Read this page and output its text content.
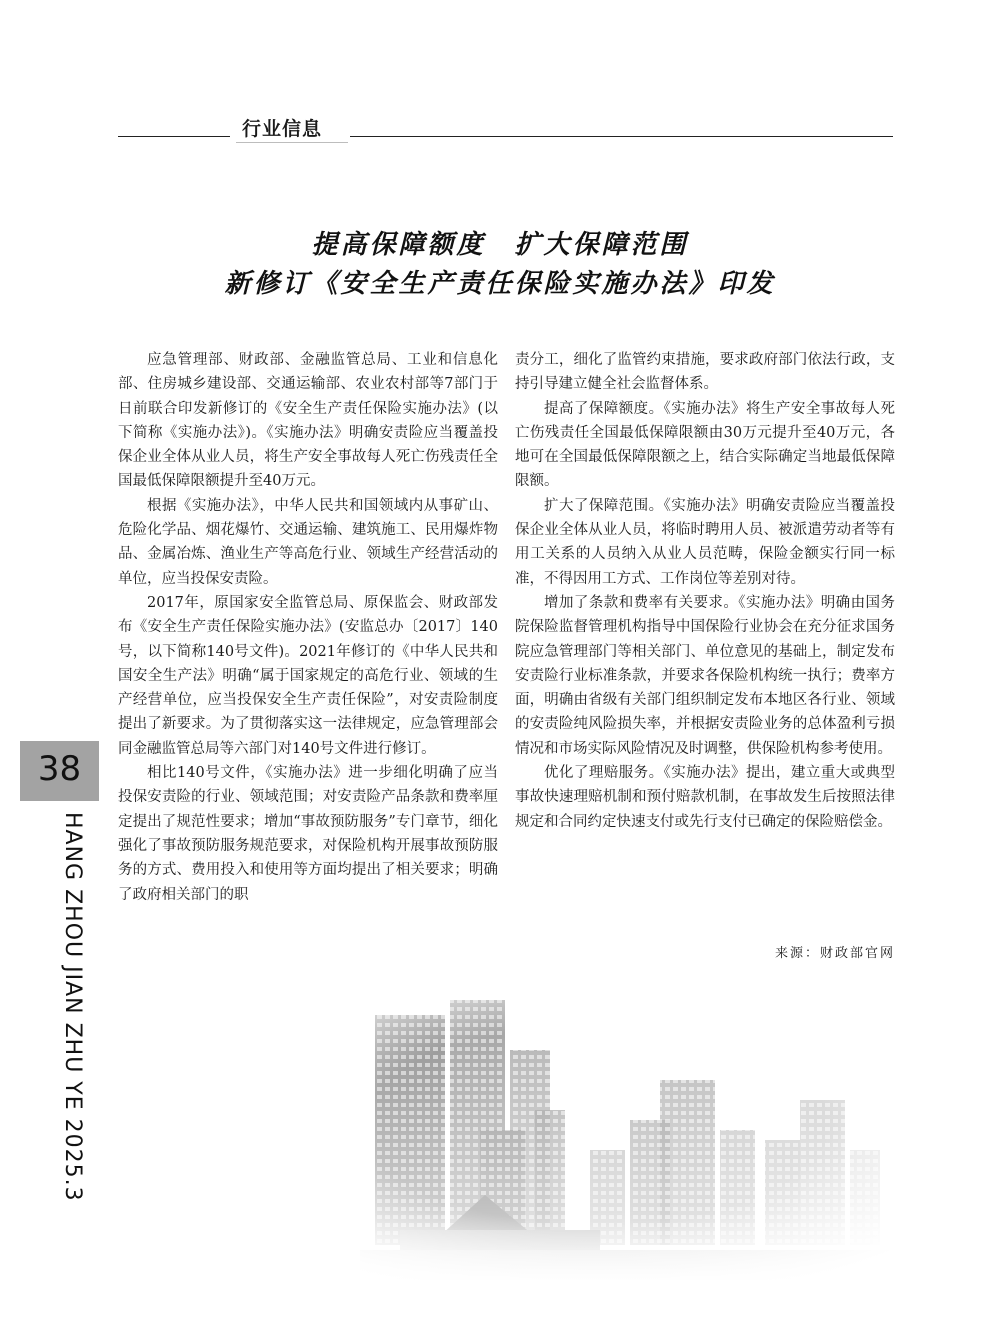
行业信息
提高保障额度　扩大保障范围
新修订《安全生产责任保险实施办法》印发

应急管理部、财政部、金融监管总局、工业和信息化部、住房城乡建设部、交通运输部、农业农村部等7部门于日前联合印发新修订的《安全生产责任保险实施办法》(以下简称《实施办法》)。《实施办法》明确安责险应当覆盖投保企业全体从业人员，将生产安全事故每人死亡伤残责任全国最低保障限额提升至40万元。

根据《实施办法》，中华人民共和国领域内从事矿山、危险化学品、烟花爆竹、交通运输、建筑施工、民用爆炸物品、金属冶炼、渔业生产等高危行业、领域生产经营活动的单位，应当投保安责险。

2017年，原国家安全监管总局、原保监会、财政部发布《安全生产责任保险实施办法》(安监总办〔2017〕140号，以下简称140号文件)。2021年修订的《中华人民共和国安全生产法》明确“属于国家规定的高危行业、领域的生产经营单位，应当投保安全生产责任保险”，对安责险制度提出了新要求。为了贯彻落实这一法律规定，应急管理部会同金融监管总局等六部门对140号文件进行修订。

相比140号文件，《实施办法》进一步细化明确了应当投保安责险的行业、领域范围；对安责险产品条款和费率厘定提出了规范性要求；增加“事故预防服务”专门章节，细化强化了事故预防服务规范要求，对保险机构开展事故预防服务的方式、费用投入和使用等方面均提出了相关要求；明确了政府相关部门的职

责分工，细化了监管约束措施，要求政府部门依法行政，支持引导建立健全社会监督体系。

提高了保障额度。《实施办法》将生产安全事故每人死亡伤残责任全国最低保障限额由30万元提升至40万元，各地可在全国最低保障限额之上，结合实际确定当地最低保障限额。

扩大了保障范围。《实施办法》明确安责险应当覆盖投保企业全体从业人员，将临时聘用人员、被派遣劳动者等有用工关系的人员纳入从业人员范畴，保险金额实行同一标准，不得因用工方式、工作岗位等差别对待。

增加了条款和费率有关要求。《实施办法》明确由国务院保险监督管理机构指导中国保险行业协会在充分征求国务院应急管理部门等相关部门、单位意见的基础上，制定发布安责险行业标准条款，并要求各保险机构统一执行；费率方面，明确由省级有关部门组织制定发布本地区各行业、领域的安责险纯风险损失率，并根据安责险业务的总体盈利亏损情况和市场实际风险情况及时调整，供保险机构参考使用。

优化了理赔服务。《实施办法》提出，建立重大或典型事故快速理赔机制和预付赔款机制，在事故发生后按照法律规定和合同约定快速支付或先行支付已确定的保险赔偿金。

来源：财政部官网
38
HANG ZHOU JIAN ZHU YE 2025.3
